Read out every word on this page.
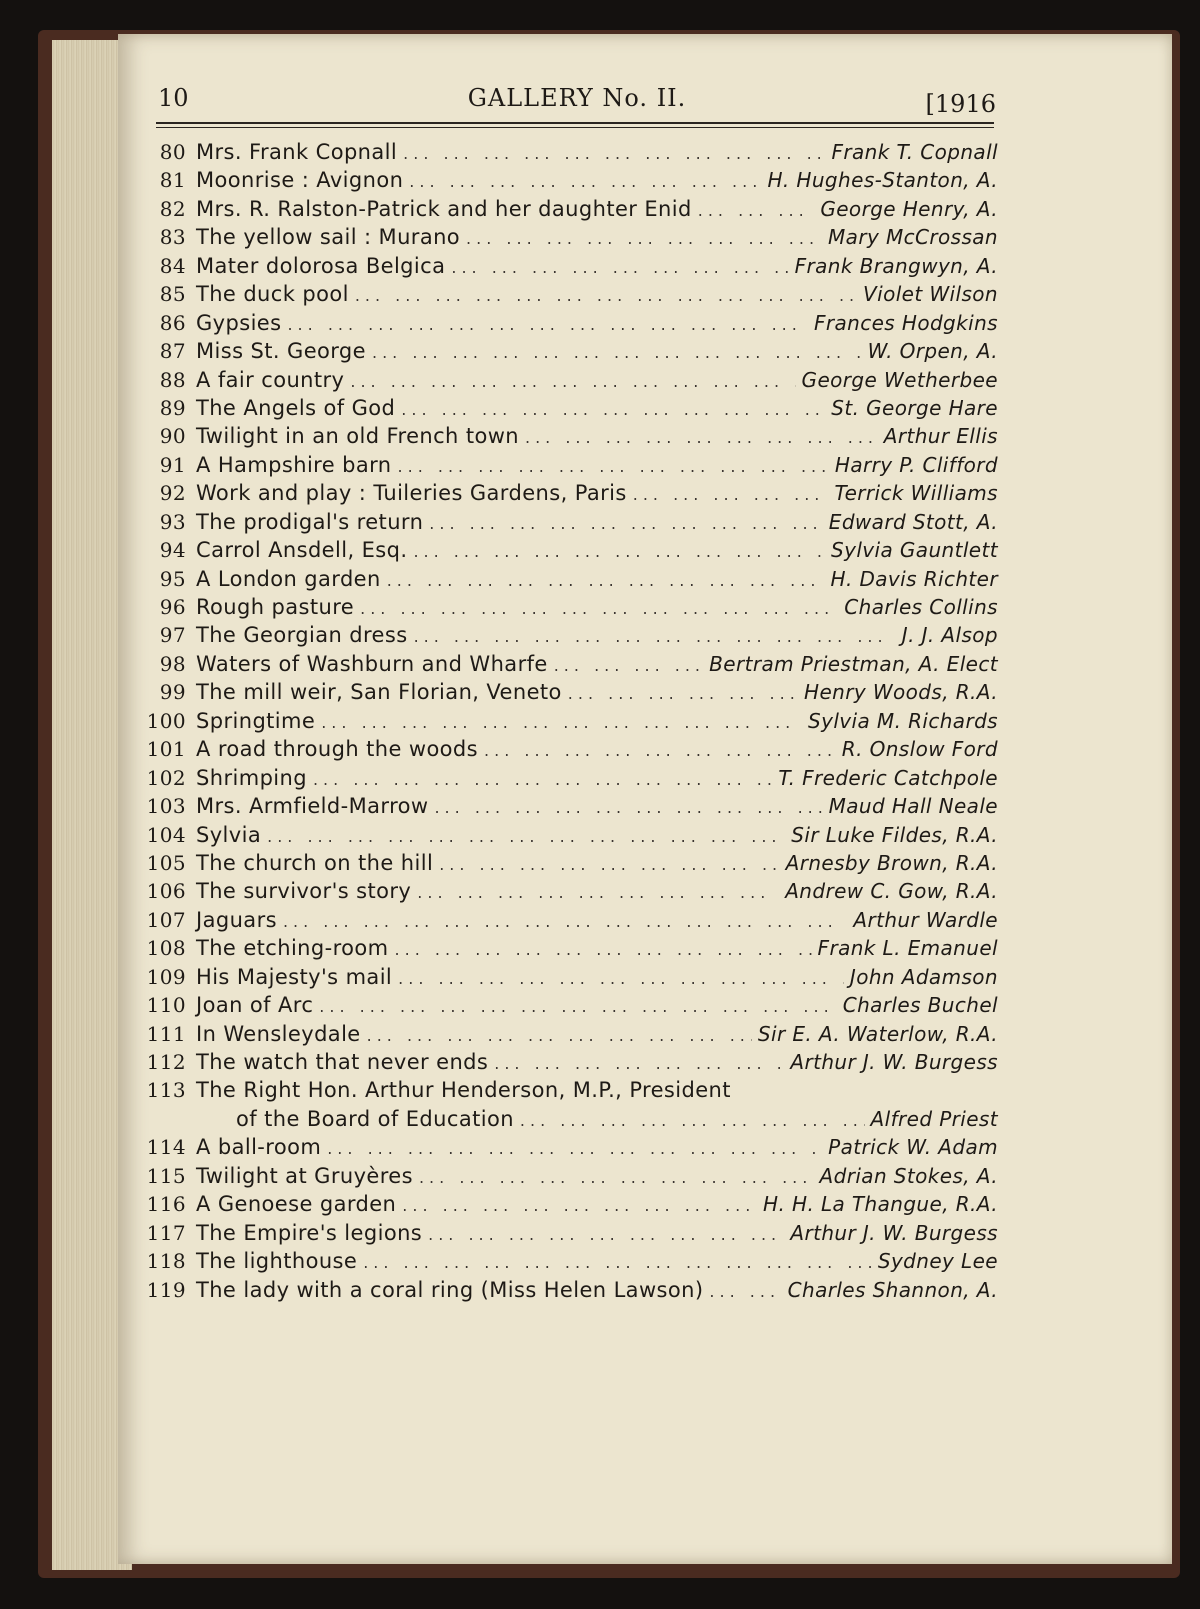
10	GALLERY No. II.	[1916
80 Mrs. Frank Copnall ... .	Frank T. Copnall
81 Moonrise : Avignon ... .	H. Hughes-Stanton, A.
82 Mrs. R. Ralston-Patrick and her daughter Enid ... .	George Henry, A.
83 The yellow sail : Murano ... .	Mary McCrossan
84 Mater dolorosa Belgica ... .	Frank Brangwyn, A.
85 The duck pool ... .	Violet Wilson
86 Gypsies ... .	Frances Hodgkins
87 Miss St. George ... .	W. Orpen, A.
88 A fair country ... .	George Wetherbee
89 The Angels of God ... .	St. George Hare
90 Twilight in an old French town ... .	Arthur Ellis
91 A Hampshire barn ... .	Harry P. Clifford
92 Work and play : Tuileries Gardens, Paris ... .	Terrick Williams
93 The prodigal's return ... .	Edward Stott, A.
94 Carrol Ansdell, Esq. ... .	Sylvia Gauntlett
95 A London garden ... .	H. Davis Richter
96 Rough pasture ... .	Charles Collins
97 The Georgian dress ... .	J. J. Alsop
98 Waters of Washburn and Wharfe ... .	Bertram Priestman, A. Elect
99 The mill weir, San Florian, Veneto ... .	Henry Woods, R.A.
100 Springtime ... .	Sylvia M. Richards
101 A road through the woods ... .	R. Onslow Ford
102 Shrimping ... .	T. Frederic Catchpole
103 Mrs. Armfield-Marrow ... .	Maud Hall Neale
104 Sylvia ... .	Sir Luke Fildes, R.A.
105 The church on the hill ... .	Arnesby Brown, R.A.
106 The survivor's story ... .	Andrew C. Gow, R.A.
107 Jaguars ... .	Arthur Wardle
108 The etching-room ... .	Frank L. Emanuel
109 His Majesty's mail ... .	John Adamson
110 Joan of Arc ... .	Charles Buchel
111 In Wensleydale ... .	Sir E. A. Waterlow, R.A.
112 The watch that never ends ... .	Arthur J. W. Burgess
113 The Right Hon. Arthur Henderson, M.P., President
of the Board of Education ... .	Alfred Priest
114 A ball-room ... .	Patrick W. Adam
115 Twilight at Gruyères ... .	Adrian Stokes, A.
116 A Genoese garden ... .	H. H. La Thangue, R.A.
117 The Empire's legions ... .	Arthur J. W. Burgess
118 The lighthouse ... .	Sydney Lee
119 The lady with a coral ring (Miss Helen Lawson) ... .	Charles Shannon, A.
